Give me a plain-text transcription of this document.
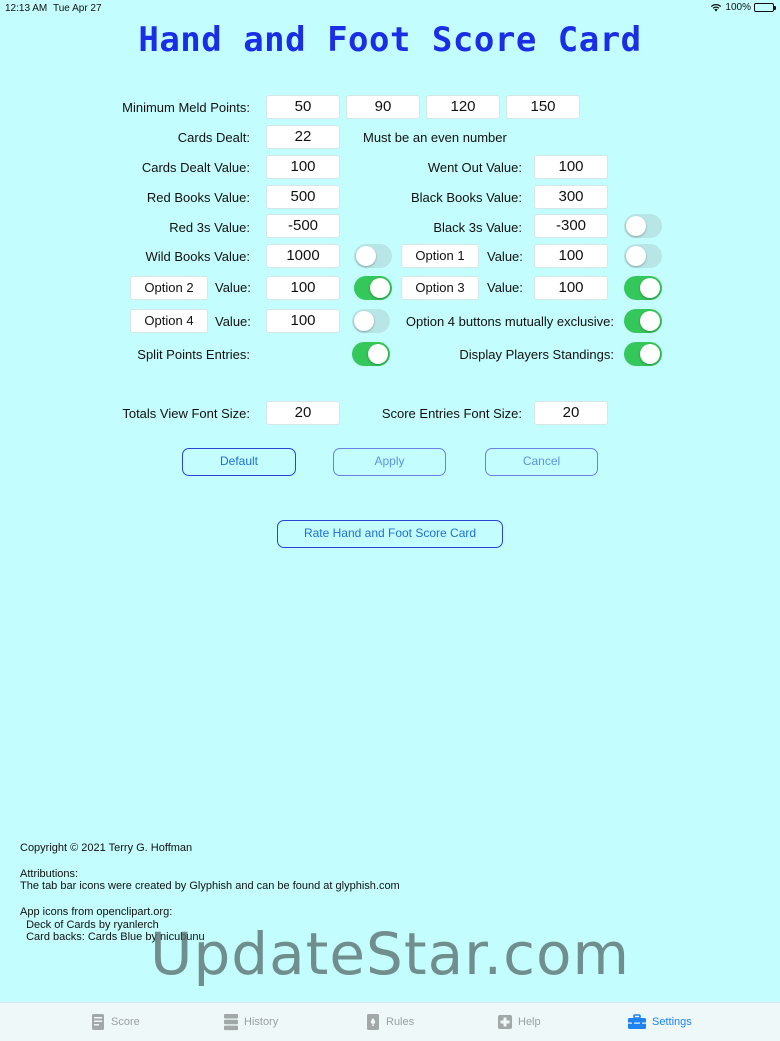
12:13 AM Tue Apr 27	100%
Hand and Foot Score Card
Minimum Meld Points:	50	90	120	150
Cards Dealt:	22	Must be an even number
Cards Dealt Value:	100	Went Out Value:	100
Red Books Value:	500	Black Books Value:	300
Red 3s Value:	-500	Black 3s Value:	-300
Wild Books Value:	1000	Option 1	Value:	100
Option 2	Value:	100	Option 3	Value:	100
Option 4	Value:	100	Option 4 buttons mutually exclusive:
Split Points Entries:	Display Players Standings:
Totals View Font Size:	20	Score Entries Font Size:	20
Default	Apply	Cancel
Rate Hand and Foot Score Card
Copyright © 2021 Terry G. Hoffman
Attributions:
The tab bar icons were created by Glyphish and can be found at glyphish.com
App icons from openclipart.org:
Deck of Cards by ryanlerch
Card backs: Cards Blue by nicubunu
UpdateStar.com
Score	History	Rules	Help	Settings
